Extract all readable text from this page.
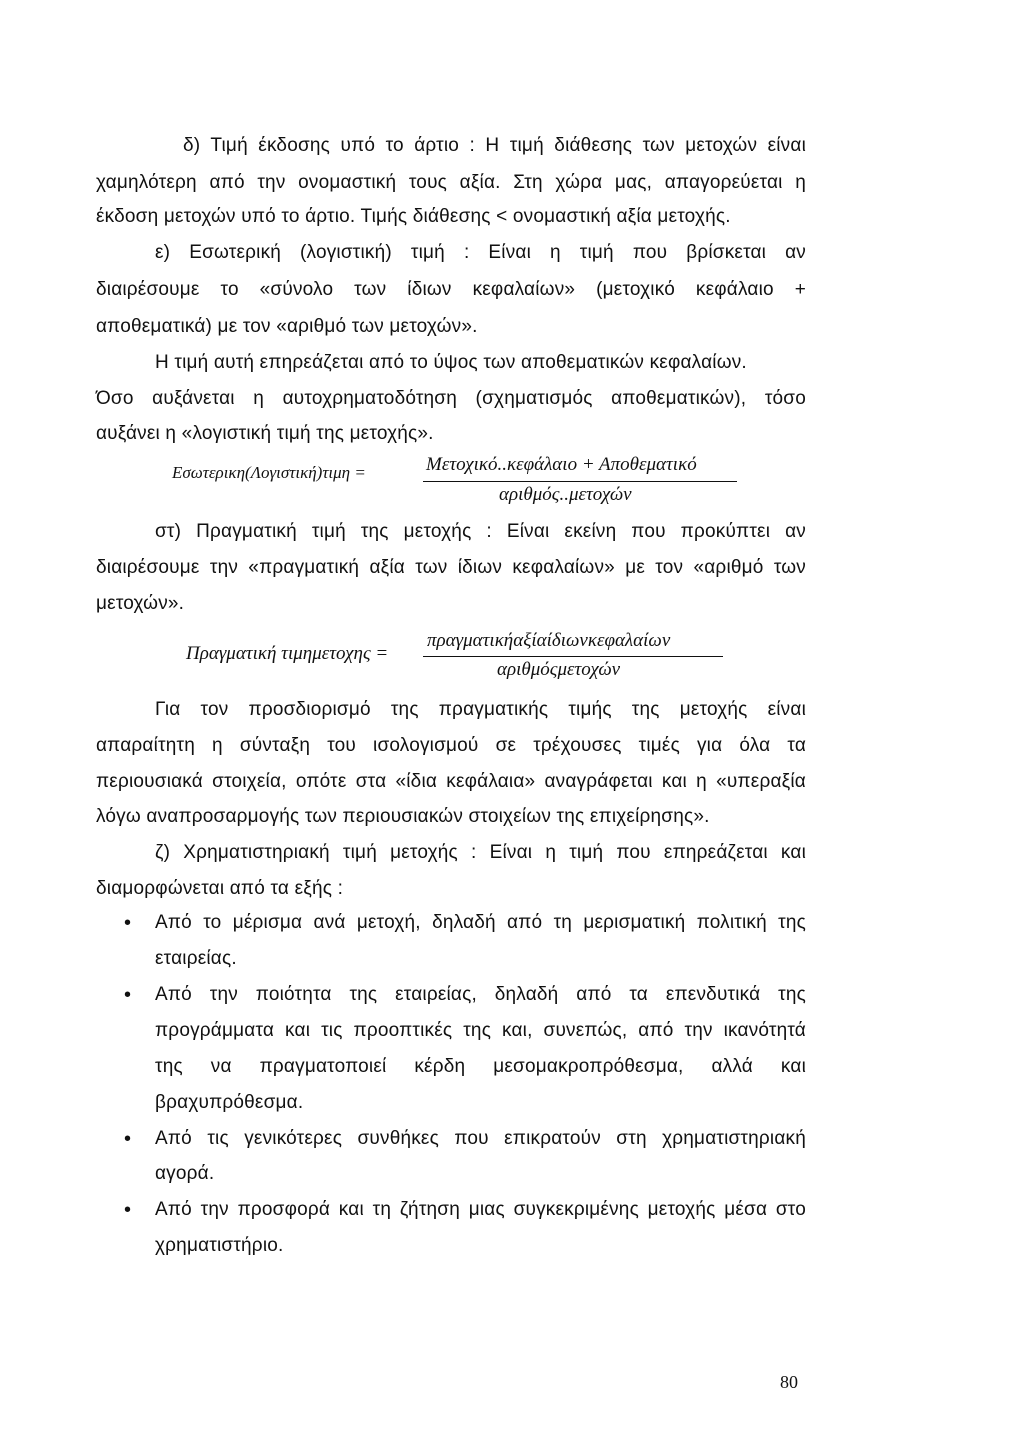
δ) Τιμή έκδοσης υπό το άρτιο : Η τιμή διάθεσης των μετοχών είναι
χαμηλότερη από την ονομαστική τους αξία. Στη χώρα μας, απαγορεύεται η
έκδοση μετοχών υπό το άρτιο. Τιμής διάθεσης < ονομαστική αξία μετοχής.
ε) Εσωτερική (λογιστική) τιμή : Είναι η τιμή που βρίσκεται αν
διαιρέσουμε το «σύνολο των ίδιων κεφαλαίων» (μετοχικό κεφάλαιο +
αποθεματικά) με τον «αριθμό των μετοχών».
Η τιμή αυτή επηρεάζεται από το ύψος των αποθεματικών κεφαλαίων.
Όσο αυξάνεται η αυτοχρηματοδότηση (σχηματισμός αποθεματικών), τόσο
αυξάνει η «λογιστική τιμή της μετοχής».
Εσωτερικη(Λογιστική)τιμη =	Μετοχικό..κεφάλαιο + Αποθεματικό
αριθμός..μετοχών
στ) Πραγματική τιμή της μετοχής : Είναι εκείνη που προκύπτει αν
διαιρέσουμε την «πραγματική αξία των ίδιων κεφαλαίων» με τον «αριθμό των
μετοχών».
Πραγματική τιμημετοχης =
πραγματικήαξίαίδιωνκεφαλαίων
αριθμόςμετοχών
Για τον προσδιορισμό της πραγματικής τιμής της μετοχής είναι
απαραίτητη η σύνταξη του ισολογισμού σε τρέχουσες τιμές για όλα τα
περιουσιακά στοιχεία, οπότε στα «ίδια κεφάλαια» αναγράφεται και η «υπεραξία
λόγω αναπροσαρμογής των περιουσιακών στοιχείων της επιχείρησης».
ζ) Χρηματιστηριακή τιμή μετοχής : Είναι η τιμή που επηρεάζεται και
διαμορφώνεται από τα εξής :
• Από το μέρισμα ανά μετοχή, δηλαδή από τη μερισματική πολιτική της
εταιρείας.
• Από την ποιότητα της εταιρείας, δηλαδή από τα επενδυτικά της
προγράμματα και τις προοπτικές της και, συνεπώς, από την ικανότητά
της να πραγματοποιεί κέρδη μεσομακροπρόθεσμα, αλλά και
βραχυπρόθεσμα.
• Από τις γενικότερες συνθήκες που επικρατούν στη χρηματιστηριακή
αγορά.
• Από την προσφορά και τη ζήτηση μιας συγκεκριμένης μετοχής μέσα στο
χρηματιστήριο.
80
